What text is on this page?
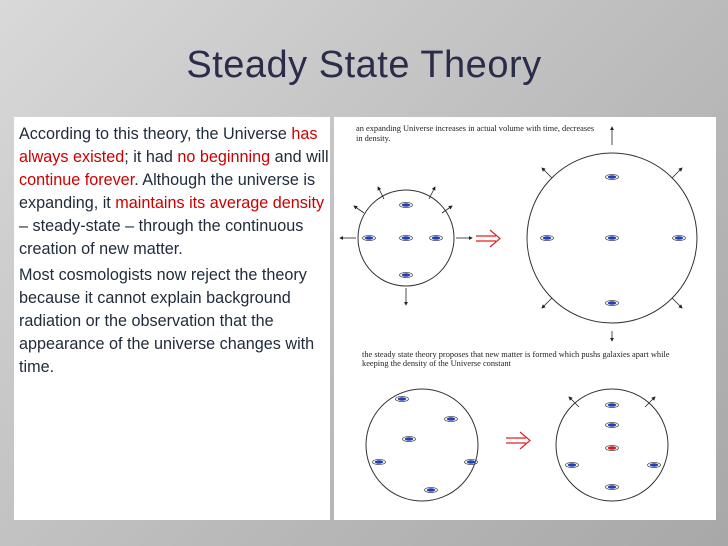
Steady State Theory

According to this theory, the Universe has always existed; it had no beginning and will continue forever. Although the universe is expanding, it maintains its average density – steady-state – through the continuous creation of new matter.

Most cosmologists now reject the theory because it cannot explain background radiation or the observation that the appearance of the universe changes with time.

an expanding Universe increases in actual volume with time, decreases
in density.
the steady state theory proposes that new matter is formed which pushs galaxies apart while
keeping the density of the Universe constant
